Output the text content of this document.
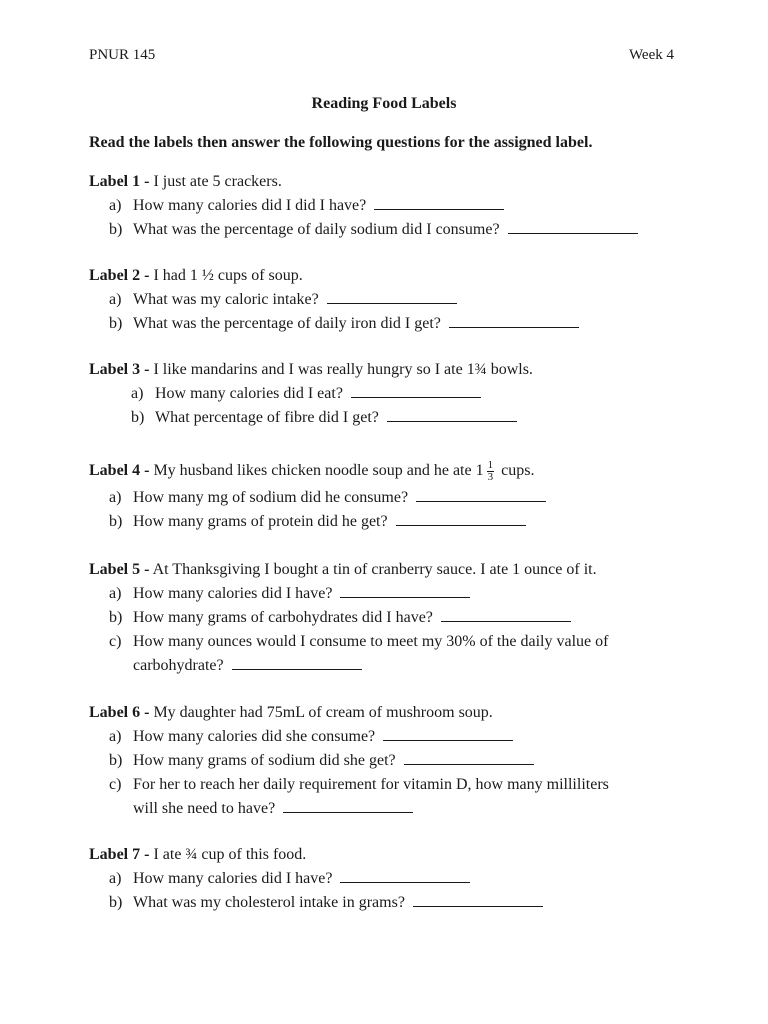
PNUR 145	Week 4
Reading Food Labels
Read the labels then answer the following questions for the assigned label.
Label 1 - I just ate 5 crackers.
a) How many calories did I did I have?
b) What was the percentage of daily sodium did I consume?
Label 2 - I had 1 ½ cups of soup.
a) What was my caloric intake?
b) What was the percentage of daily iron did I get?
Label 3 - I like mandarins and I was really hungry so I ate 1¾ bowls.
a) How many calories did I eat?
b) What percentage of fibre did I get?
Label 4 - My husband likes chicken noodle soup and he ate $1 \frac{1}{3}$ cups.
a) How many mg of sodium did he consume?
b) How many grams of protein did he get?
Label 5 - At Thanksgiving I bought a tin of cranberry sauce. I ate 1 ounce of it.
a) How many calories did I have?
b) How many grams of carbohydrates did I have?
c) How many ounces would I consume to meet my 30% of the daily value of
carbohydrate?
Label 6 - My daughter had 75mL of cream of mushroom soup.
a) How many calories did she consume?
b) How many grams of sodium did she get?
c) For her to reach her daily requirement for vitamin D, how many milliliters
will she need to have?
Label 7 - I ate ¾ cup of this food.
a) How many calories did I have?
b) What was my cholesterol intake in grams?
